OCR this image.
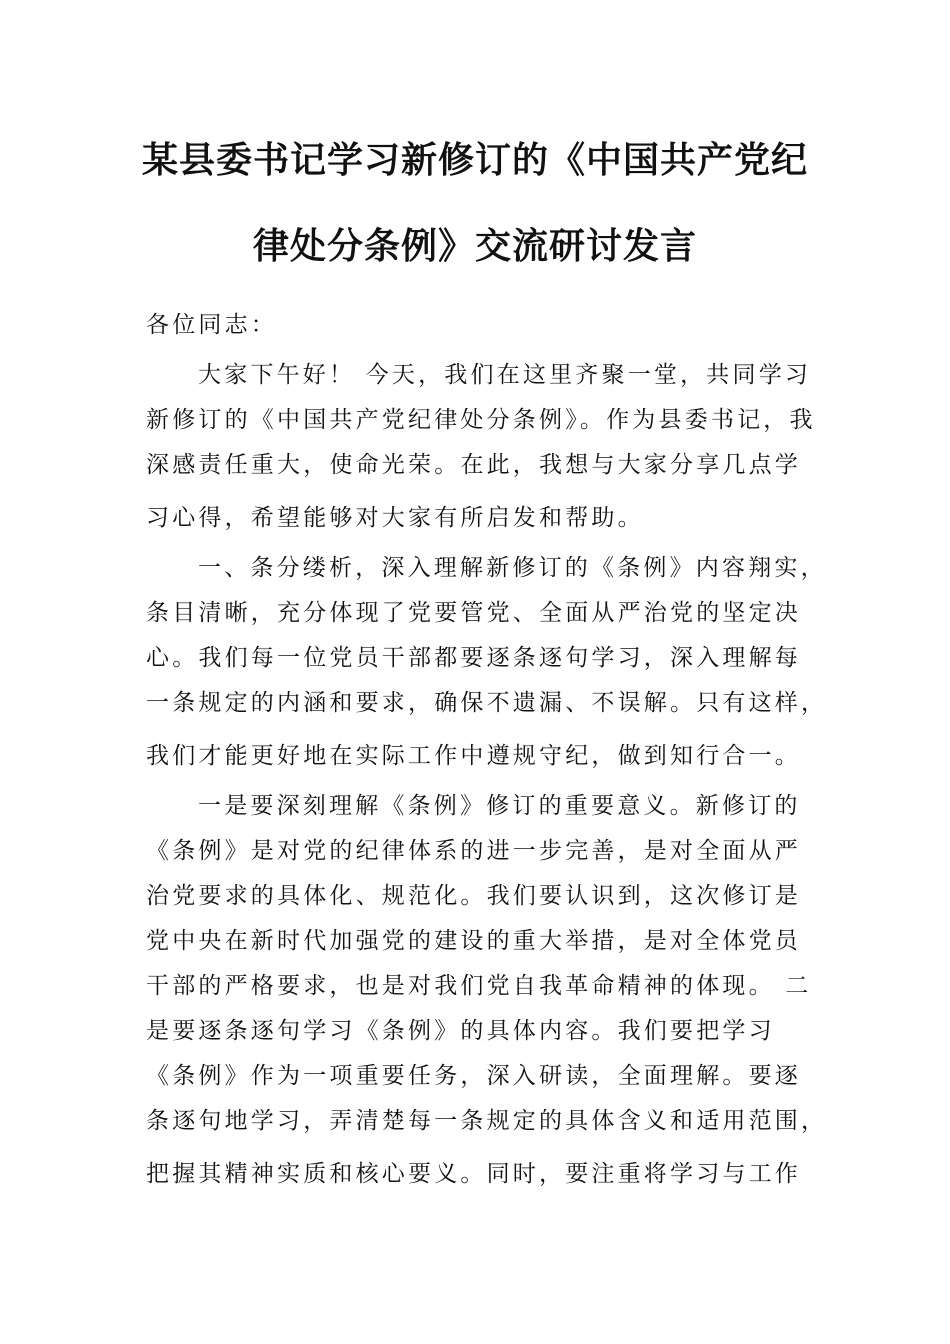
某县委书记学习新修订的《中国共产党纪
律处分条例》交流研讨发言
各位同志：
大家下午好！ 今天，我们在这里齐聚一堂，共同学习
新修订的《中国共产党纪律处分条例》。作为县委书记，我
深感责任重大，使命光荣。在此，我想与大家分享几点学
习心得，希望能够对大家有所启发和帮助。
一、条分缕析，深入理解新修订的《条例》内容翔实，
条目清晰，充分体现了党要管党、全面从严治党的坚定决
心。我们每一位党员干部都要逐条逐句学习，深入理解每
一条规定的内涵和要求，确保不遗漏、不误解。只有这样，
我们才能更好地在实际工作中遵规守纪，做到知行合一。
一是要深刻理解《条例》修订的重要意义。新修订的
《条例》是对党的纪律体系的进一步完善，是对全面从严
治党要求的具体化、规范化。我们要认识到，这次修订是
党中央在新时代加强党的建设的重大举措，是对全体党员
干部的严格要求，也是对我们党自我革命精神的体现。 二
是要逐条逐句学习《条例》的具体内容。我们要把学习
《条例》作为一项重要任务，深入研读，全面理解。要逐
条逐句地学习，弄清楚每一条规定的具体含义和适用范围，
把握其精神实质和核心要义。同时，要注重将学习与工作
